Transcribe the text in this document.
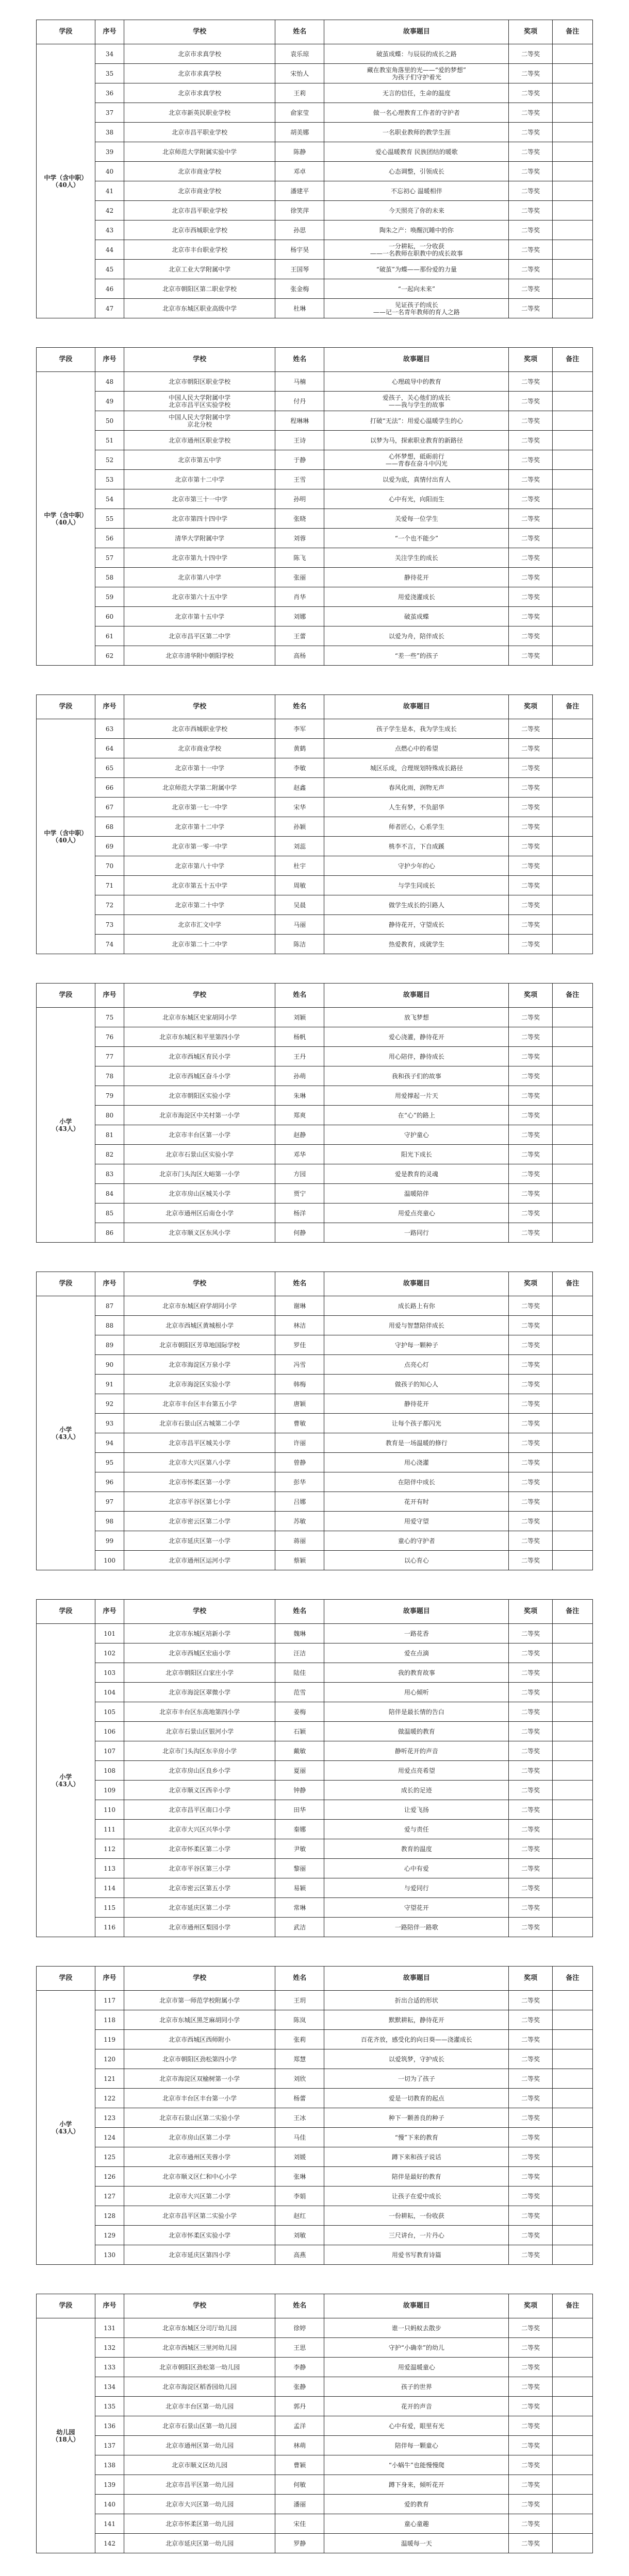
学段	序号	学校	姓名	故事题目	奖项	备注
中学（含中职）
（40人）	34	北京市求真学校	袁乐琼	破茧成蝶：与辰辰的成长之路	二等奖	
	35	北京市求真学校	宋怡人	藏在教室角落里的光——“爱的梦想”
为孩子们守护着光	二等奖	
	36	北京市求真学校	王莉	无言的信任，生命的温度	二等奖	
	37	北京市新英民职业学校	俞家莹	做一名心理教育工作者的守护者	二等奖	
	38	北京市昌平职业学校	胡美娜	一名职业教师的教学生涯	二等奖	
	39	北京师范大学附属实验中学	陈静	爱心温暖教育 民族团结的暖歌	二等奖	
	40	北京市商业学校	邓卓	心态调整，引领成长	二等奖	
	41	北京市商业学校	潘建平	不忘初心 温暖相伴	二等奖	
	42	北京市昌平职业学校	徐笑萍	今天照亮了你的未来	二等奖	
	43	北京市西城职业学校	孙思	陶朱之产：唤醒沉睡中的你	二等奖	
	44	北京市丰台职业学校	杨宇昊	一分耕耘，一分收获
——一名教师在职教中的成长故事	二等奖	
	45	北京工业大学附属中学	王国琴	“破茧”为蝶——那份爱的力量	二等奖	
	46	北京市朝阳区第二职业学校	张金梅	“一起向未来”	二等奖	
	47	北京市东城区职业高级中学	杜琳	见证孩子的成长
——记一名青年教师的育人之路	二等奖	
学段	序号	学校	姓名	故事题目	奖项	备注
中学（含中职）
（40人）	48	北京市朝阳区职业学校	马楠	心理疏导中的教育	二等奖	
	49	中国人民大学附属中学
北京市昌平区实验学校	付丹	爱孩子，关心他们的成长
——我与学生的故事	二等奖	
	50	中国人民大学附属中学
京北分校	程琳琳	打破“无法”：用爱心温暖学生的心	二等奖	
	51	北京市通州区职业学校	王诗	以梦为马，探索职业教育的新路径	二等奖	
	52	北京市第五中学	于静	心怀梦想，砥砺前行
——青春在奋斗中闪光	二等奖	
	53	北京市第十二中学	王雪	以爱为底，真情付出育人	二等奖	
	54	北京市第三十一中学	孙明	心中有光，向阳而生	二等奖	
	55	北京市第四十四中学	张晓	关爱每一位学生	二等奖	
	56	清华大学附属中学	刘蓉	“一个也不能少”	二等奖	
	57	北京市第九十四中学	陈飞	关注学生的成长	二等奖	
	58	北京市第八中学	张丽	静待花开	二等奖	
	59	北京市第六十五中学	肖华	用爱浇灌成长	二等奖	
	60	北京市第十五中学	刘娜	破茧成蝶	二等奖	
	61	北京市昌平区第二中学	王蕾	以爱为舟，陪伴成长	二等奖	
	62	北京市清华附中朝阳学校	高杨	“差一些”的孩子	二等奖	
学段	序号	学校	姓名	故事题目	奖项	备注
中学（含中职）
（40人）	63	北京市西城职业学校	李军	孩子学生是本，我为学生成长	二等奖	
	64	北京市商业学校	黄鹤	点燃心中的希望	二等奖	
	65	北京市第十一中学	李敏	城区乐成，合理规划特殊成长路径	二等奖	
	66	北京师范大学第二附属中学	赵鑫	春风化雨，润物无声	二等奖	
	67	北京市第一七一中学	宋华	人生有梦，不负韶华	二等奖	
	68	北京市第十二中学	孙颖	师者匠心，心系学生	二等奖	
	69	北京市第一零一中学	刘蕊	桃李不言，下自成蹊	二等奖	
	70	北京市第八十中学	杜宇	守护少年的心	二等奖	
	71	北京市第五十五中学	周敏	与学生同成长	二等奖	
	72	北京市第二十中学	吴晨	做学生成长的引路人	二等奖	
	73	北京市汇文中学	马丽	静待花开，守望成长	二等奖	
	74	北京市第二十二中学	陈洁	热爱教育，成就学生	二等奖	
学段	序号	学校	姓名	故事题目	奖项	备注
小学
（43人）	75	北京市东城区史家胡同小学	刘颖	放飞梦想	二等奖	
	76	北京市东城区和平里第四小学	杨帆	爱心浇灌，静待花开	二等奖	
	77	北京市西城区育民小学	王丹	用心陪伴，静待成长	二等奖	
	78	北京市西城区奋斗小学	孙萌	我和孩子们的故事	二等奖	
	79	北京市朝阳区实验小学	朱琳	用爱撑起一片天	二等奖	
	80	北京市海淀区中关村第一小学	郑爽	在“心”的路上	二等奖	
	81	北京市丰台区第一小学	赵静	守护童心	二等奖	
	82	北京市石景山区实验小学	邓华	阳光下成长	二等奖	
	83	北京市门头沟区大峪第一小学	方园	爱是教育的灵魂	二等奖	
	84	北京市房山区城关小学	贾宁	温暖陪伴	二等奖	
	85	北京市通州区后南仓小学	杨洋	用爱点亮童心	二等奖	
	86	北京市顺义区东风小学	何静	一路同行	二等奖	
学段	序号	学校	姓名	故事题目	奖项	备注
小学
（43人）	87	北京市东城区府学胡同小学	谢琳	成长路上有你	二等奖	
	88	北京市西城区黄城根小学	林洁	用爱与智慧陪伴成长	二等奖	
	89	北京市朝阳区芳草地国际学校	罗佳	守护每一颗种子	二等奖	
	90	北京市海淀区万泉小学	冯雪	点亮心灯	二等奖	
	91	北京市海淀区实验小学	韩梅	做孩子的知心人	二等奖	
	92	北京市丰台区丰台第五小学	唐颖	静待花开	二等奖	
	93	北京市石景山区古城第二小学	曹敏	让每个孩子都闪光	二等奖	
	94	北京市昌平区城关小学	许丽	教育是一场温暖的修行	二等奖	
	95	北京市大兴区第八小学	曾静	用心浇灌	二等奖	
	96	北京市怀柔区第一小学	彭华	在陪伴中成长	二等奖	
	97	北京市平谷区第七小学	吕娜	花开有时	二等奖	
	98	北京市密云区第二小学	苏敏	用爱守望	二等奖	
	99	北京市延庆区第一小学	蒋丽	童心的守护者	二等奖	
	100	北京市通州区运河小学	蔡颖	以心育心	二等奖	
学段	序号	学校	姓名	故事题目	奖项	备注
小学
（43人）	101	北京市东城区培新小学	魏琳	一路花香	二等奖	
	102	北京市西城区宏庙小学	汪洁	爱在点滴	二等奖	
	103	北京市朝阳区白家庄小学	陆佳	我的教育故事	二等奖	
	104	北京市海淀区翠微小学	范雪	用心倾听	二等奖	
	105	北京市丰台区东高地第四小学	姜梅	陪伴是最长情的告白	二等奖	
	106	北京市石景山区银河小学	石颖	做温暖的教育	二等奖	
	107	北京市门头沟区东辛房小学	戴敏	静听花开的声音	二等奖	
	108	北京市房山区良乡小学	夏丽	用爱点亮希望	二等奖	
	109	北京市顺义区西辛小学	钟静	成长的足迹	二等奖	
	110	北京市昌平区南口小学	田华	让爱飞扬	二等奖	
	111	北京市大兴区兴华小学	秦娜	爱与责任	二等奖	
	112	北京市怀柔区第二小学	尹敏	教育的温度	二等奖	
	113	北京市平谷区第三小学	黎丽	心中有爱	二等奖	
	114	北京市密云区第五小学	易颖	与爱同行	二等奖	
	115	北京市延庆区第二小学	常琳	守望花开	二等奖	
	116	北京市通州区梨园小学	武洁	一路陪伴一路歌	二等奖	
学段	序号	学校	姓名	故事题目	奖项	备注
小学
（43人）	117	北京市第一师范学校附属小学	王玥	折出合适的形状	二等奖	
	118	北京市东城区黑芝麻胡同小学	陈岚	默默耕耘，静待花开	二等奖	
	119	北京市西城区西师附小	张莉	百花齐放，感受化的向日葵——浇灌成长	二等奖	
	120	北京市朝阳区劲松第四小学	郑慧	以爱筑梦，守护成长	二等奖	
	121	北京市海淀区双榆树第一小学	刘欣	一切为了孩子	二等奖	
	122	北京市丰台区丰台第一小学	杨蕾	爱是一切教育的起点	二等奖	
	123	北京市石景山区第二实验小学	王冰	种下一颗善良的种子	二等奖	
	124	北京市房山区第二小学	马佳	“慢”下来的教育	二等奖	
	125	北京市通州区芙蓉小学	刘媛	蹲下来和孩子说话	二等奖	
	126	北京市顺义区仁和中心小学	张琳	陪伴是最好的教育	二等奖	
	127	北京市大兴区第二小学	李娟	让孩子在爱中成长	二等奖	
	128	北京市昌平区第二实验小学	赵红	一份耕耘，一份收获	二等奖	
	129	北京市怀柔区实验小学	刘敏	三尺讲台，一片丹心	二等奖	
	130	北京市延庆区第四小学	高燕	用爱书写教育诗篇	二等奖	
学段	序号	学校	姓名	故事题目	奖项	备注
幼儿园
（18人）	131	北京市东城区分司厅幼儿园	徐婷	谁一只蚂蚁去散步	二等奖	
	132	北京市西城区三里河幼儿园	王思	守护“小确幸”的幼儿	二等奖	
	133	北京市朝阳区劲松第一幼儿园	李静	用爱温暖童心	二等奖	
	134	北京市海淀区稻香园幼儿园	张静	孩子的世界	二等奖	
	135	北京市丰台区第一幼儿园	郭丹	花开的声音	二等奖	
	136	北京市石景山区第一幼儿园	孟洋	心中有爱，眼里有光	二等奖	
	137	北京市通州区第一幼儿园	林萌	陪伴每一颗童心	二等奖	
	138	北京市顺义区幼儿园	曹颖	“小蜗牛”也能慢慢爬	二等奖	
	139	北京市昌平区第一幼儿园	何敏	蹲下身来，倾听花开	二等奖	
	140	北京市大兴区第一幼儿园	潘丽	爱的教育	二等奖	
	141	北京市怀柔区第一幼儿园	宋佳	童心童趣	二等奖	
	142	北京市延庆区第一幼儿园	罗静	温暖每一天	二等奖	
